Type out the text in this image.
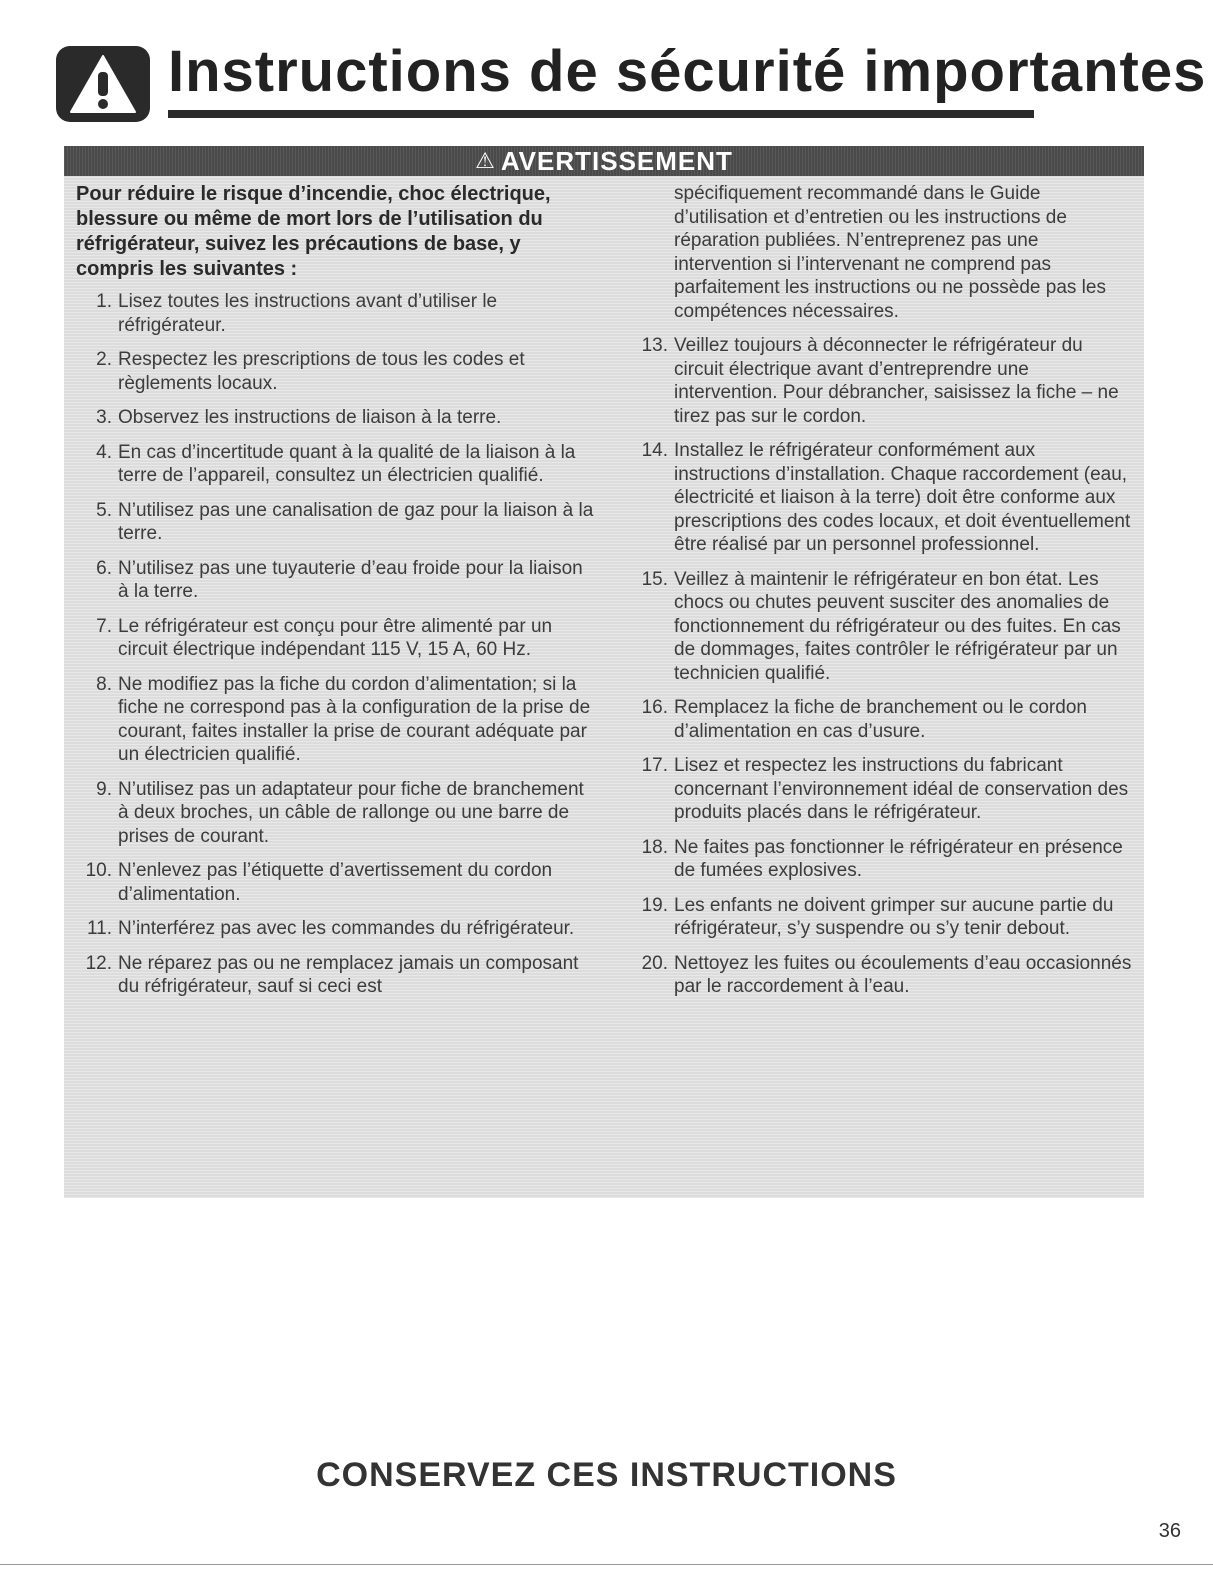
Instructions de sécurité importantes
⚠ AVERTISSEMENT

Pour réduire le risque d’incendie, choc électrique, blessure ou même de mort lors de l’utilisation du réfrigérateur, suivez les précautions de base, y compris les suivantes :

1. Lisez toutes les instructions avant d’utiliser le réfrigérateur.
2. Respectez les prescriptions de tous les codes et règlements locaux.
3. Observez les instructions de liaison à la terre.
4. En cas d’incertitude quant à la qualité de la liaison à la terre de l’appareil, consultez un électricien qualifié.
5. N’utilisez pas une canalisation de gaz pour la liaison à la terre.
6. N’utilisez pas une tuyauterie d’eau froide pour la liaison à la terre.
7. Le réfrigérateur est conçu pour être alimenté par un circuit électrique indépendant 115 V, 15 A, 60 Hz.
8. Ne modifiez pas la fiche du cordon d’alimentation; si la fiche ne correspond pas à la configuration de la prise de courant, faites installer la prise de courant adéquate par un électricien qualifié.
9. N’utilisez pas un adaptateur pour fiche de branchement à deux broches, un câble de rallonge ou une barre de prises de courant.
10. N’enlevez pas l’étiquette d’avertissement du cordon d’alimentation.
11. N’interférez pas avec les commandes du réfrigérateur.
12. Ne réparez pas ou ne remplacez jamais un composant du réfrigérateur, sauf si ceci est

spécifiquement recommandé dans le Guide d’utilisation et d’entretien ou les instructions de réparation publiées. N’entreprenez pas une intervention si l’intervenant ne comprend pas parfaitement les instructions ou ne possède pas les compétences nécessaires.

13. Veillez toujours à déconnecter le réfrigérateur du circuit électrique avant d’entreprendre une intervention. Pour débrancher, saisissez la fiche – ne tirez pas sur le cordon.
14. Installez le réfrigérateur conformément aux instructions d’installation. Chaque raccordement (eau, électricité et liaison à la terre) doit être conforme aux prescriptions des codes locaux, et doit éventuellement être réalisé par un personnel professionnel.
15. Veillez à maintenir le réfrigérateur en bon état. Les chocs ou chutes peuvent susciter des anomalies de fonctionnement du réfrigérateur ou des fuites. En cas de dommages, faites contrôler le réfrigérateur par un technicien qualifié.
16. Remplacez la fiche de branchement ou le cordon d’alimentation en cas d’usure.
17. Lisez et respectez les instructions du fabricant concernant l’environnement idéal de conservation des produits placés dans le réfrigérateur.
18. Ne faites pas fonctionner le réfrigérateur en présence de fumées explosives.
19. Les enfants ne doivent grimper sur aucune partie du réfrigérateur, s’y suspendre ou s’y tenir debout.
20. Nettoyez les fuites ou écoulements d’eau occasionnés par le raccordement à l’eau.
CONSERVEZ CES INSTRUCTIONS
36
